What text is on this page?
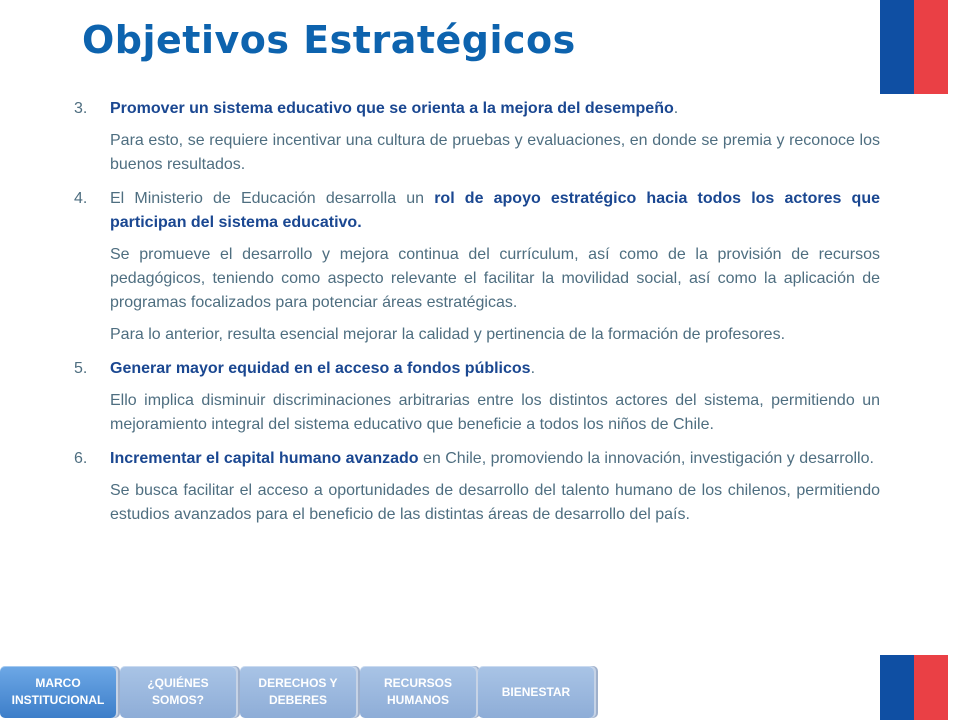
Objetivos Estratégicos
3.	Promover un sistema educativo que se orienta a la mejora del desempeño.
Para esto, se requiere incentivar una cultura de pruebas y evaluaciones, en donde se premia y reconoce los buenos resultados.
4.	El Ministerio de Educación desarrolla un rol de apoyo estratégico hacia todos los actores que participan del sistema educativo.
Se promueve el desarrollo y mejora continua del currículum, así como de la provisión de recursos pedagógicos, teniendo como aspecto relevante el facilitar la movilidad social, así como la aplicación de programas focalizados para potenciar áreas estratégicas.
Para lo anterior, resulta esencial mejorar la calidad y pertinencia de la formación de profesores.
5.	Generar mayor equidad en el acceso a fondos públicos.
Ello implica disminuir discriminaciones arbitrarias entre los distintos actores del sistema, permitiendo un mejoramiento integral del sistema educativo que beneficie a todos los niños de Chile.
6.	Incrementar el capital humano avanzado en Chile, promoviendo la innovación, investigación y desarrollo.
Se busca facilitar el acceso a oportunidades de desarrollo del talento humano de los chilenos, permitiendo estudios avanzados para el beneficio de las distintas áreas de desarrollo del país.
MARCO
INSTITUCIONAL
¿QUIÉNES
SOMOS?
DERECHOS Y
DEBERES
RECURSOS
HUMANOS
BIENESTAR
